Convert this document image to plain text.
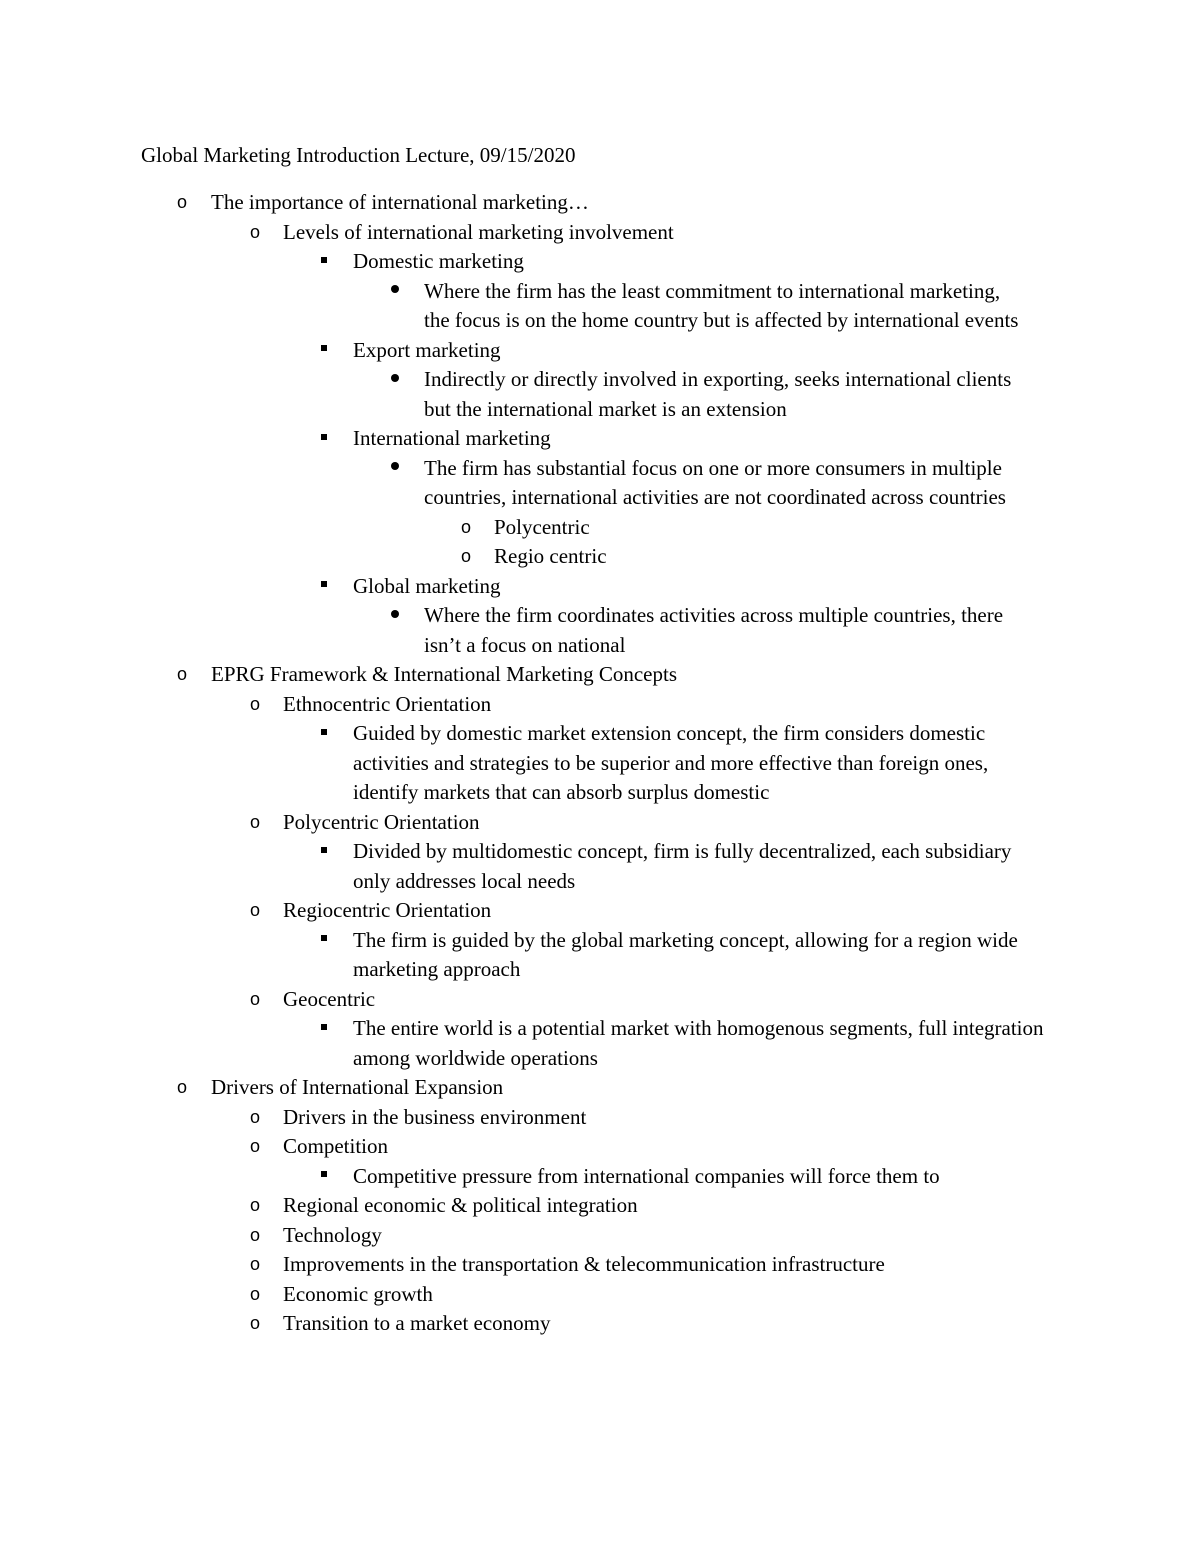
Global Marketing Introduction Lecture, 09/15/2020
o The importance of international marketing…
o Levels of international marketing involvement
Domestic marketing
Where the firm has the least commitment to international marketing, the focus is on the home country but is affected by international events
Export marketing
Indirectly or directly involved in exporting, seeks international clients but the international market is an extension
International marketing
The firm has substantial focus on one or more consumers in multiple countries, international activities are not coordinated across countries
o Polycentric
o Regio centric
Global marketing
Where the firm coordinates activities across multiple countries, there isn’t a focus on national
o EPRG Framework & International Marketing Concepts
o Ethnocentric Orientation
Guided by domestic market extension concept, the firm considers domestic activities and strategies to be superior and more effective than foreign ones, identify markets that can absorb surplus domestic
o Polycentric Orientation
Divided by multidomestic concept, firm is fully decentralized, each subsidiary only addresses local needs
o Regiocentric Orientation
The firm is guided by the global marketing concept, allowing for a region wide marketing approach
o Geocentric
The entire world is a potential market with homogenous segments, full integration among worldwide operations
o Drivers of International Expansion
o Drivers in the business environment
o Competition
Competitive pressure from international companies will force them to
o Regional economic & political integration
o Technology
o Improvements in the transportation & telecommunication infrastructure
o Economic growth
o Transition to a market economy
